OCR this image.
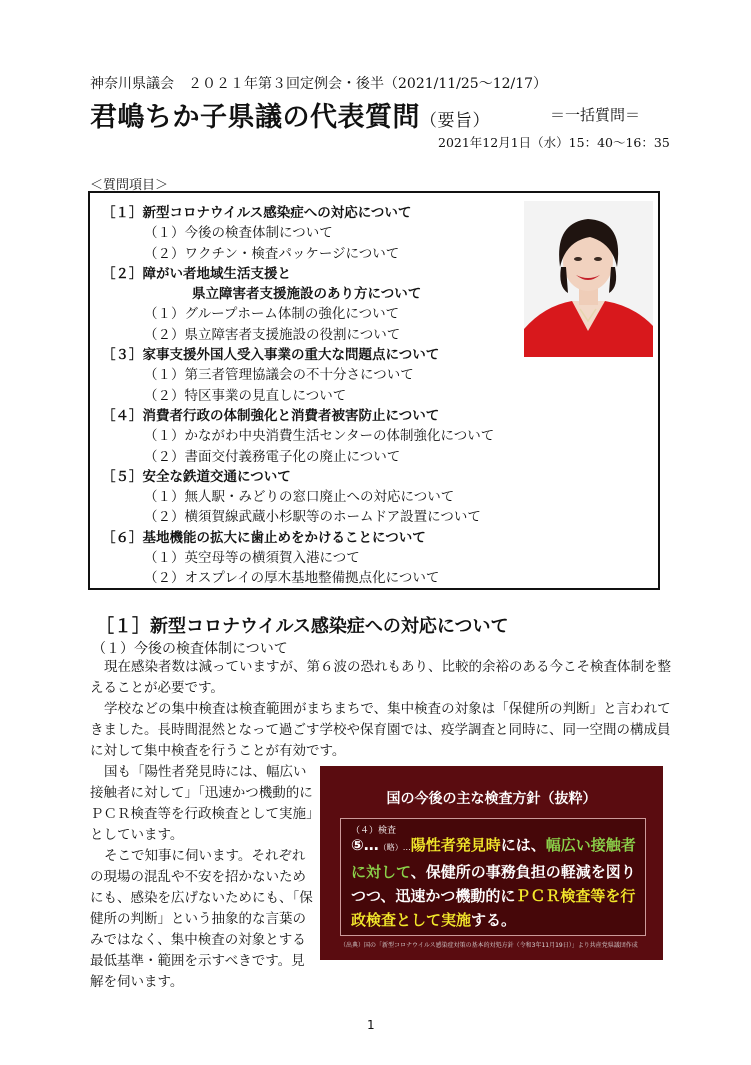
神奈川県議会　２０２１年第３回定例会・後半（2021/11/25～12/17）
君嶋ちか子県議の代表質問（要旨）	＝一括質問＝
2021年12月1日（水）15：40～16：35
＜質問項目＞
［１］新型コロナウイルス感染症への対応について
（１）今後の検査体制について
（２）ワクチン・検査パッケージについて
［２］障がい者地域生活支援と
県立障害者支援施設のあり方について
（１）グループホーム体制の強化について
（２）県立障害者支援施設の役割について
［３］家事支援外国人受入事業の重大な問題点について
（１）第三者管理協議会の不十分さについて
（２）特区事業の見直しについて
［４］消費者行政の体制強化と消費者被害防止について
（１）かながわ中央消費生活センターの体制強化について
（２）書面交付義務電子化の廃止について
［５］安全な鉄道交通について
（１）無人駅・みどりの窓口廃止への対応について
（２）横須賀線武蔵小杉駅等のホームドア設置について
［６］基地機能の拡大に歯止めをかけることについて
（１）英空母等の横須賀入港につて
（２）オスプレイの厚木基地整備拠点化について
［１］新型コロナウイルス感染症への対応について
（１）今後の検査体制について
現在感染者数は減っていますが、第６波の恐れもあり、比較的余裕のある今こそ検査体制を整えることが必要です。
学校などの集中検査は検査範囲がまちまちで、集中検査の対象は「保健所の判断」と言われてきました。長時間混然となって過ごす学校や保育園では、疫学調査と同時に、同一空間の構成員に対して集中検査を行うことが有効です。
国も「陽性者発見時には、幅広い接触者に対して」「迅速かつ機動的にＰＣＲ検査等を行政検査として実施」としています。
そこで知事に伺います。それぞれの現場の混乱や不安を招かないためにも、感染を広げないためにも、「保健所の判断」という抽象的な言葉のみではなく、集中検査の対象とする最低基準・範囲を示すべきです。見解を伺います。
国の今後の主な検査方針（抜粋）
（４）検査
⑤…（略）…陽性者発見時には、幅広い接触者に対して、保健所の事務負担の軽減を図りつつ、迅速かつ機動的にＰＣＲ検査等を行政検査として実施する。
（出典）国の「新型コロナウイルス感染症対策の基本的対処方針（令和3年11月19日）」より共産党県議団作成
1
